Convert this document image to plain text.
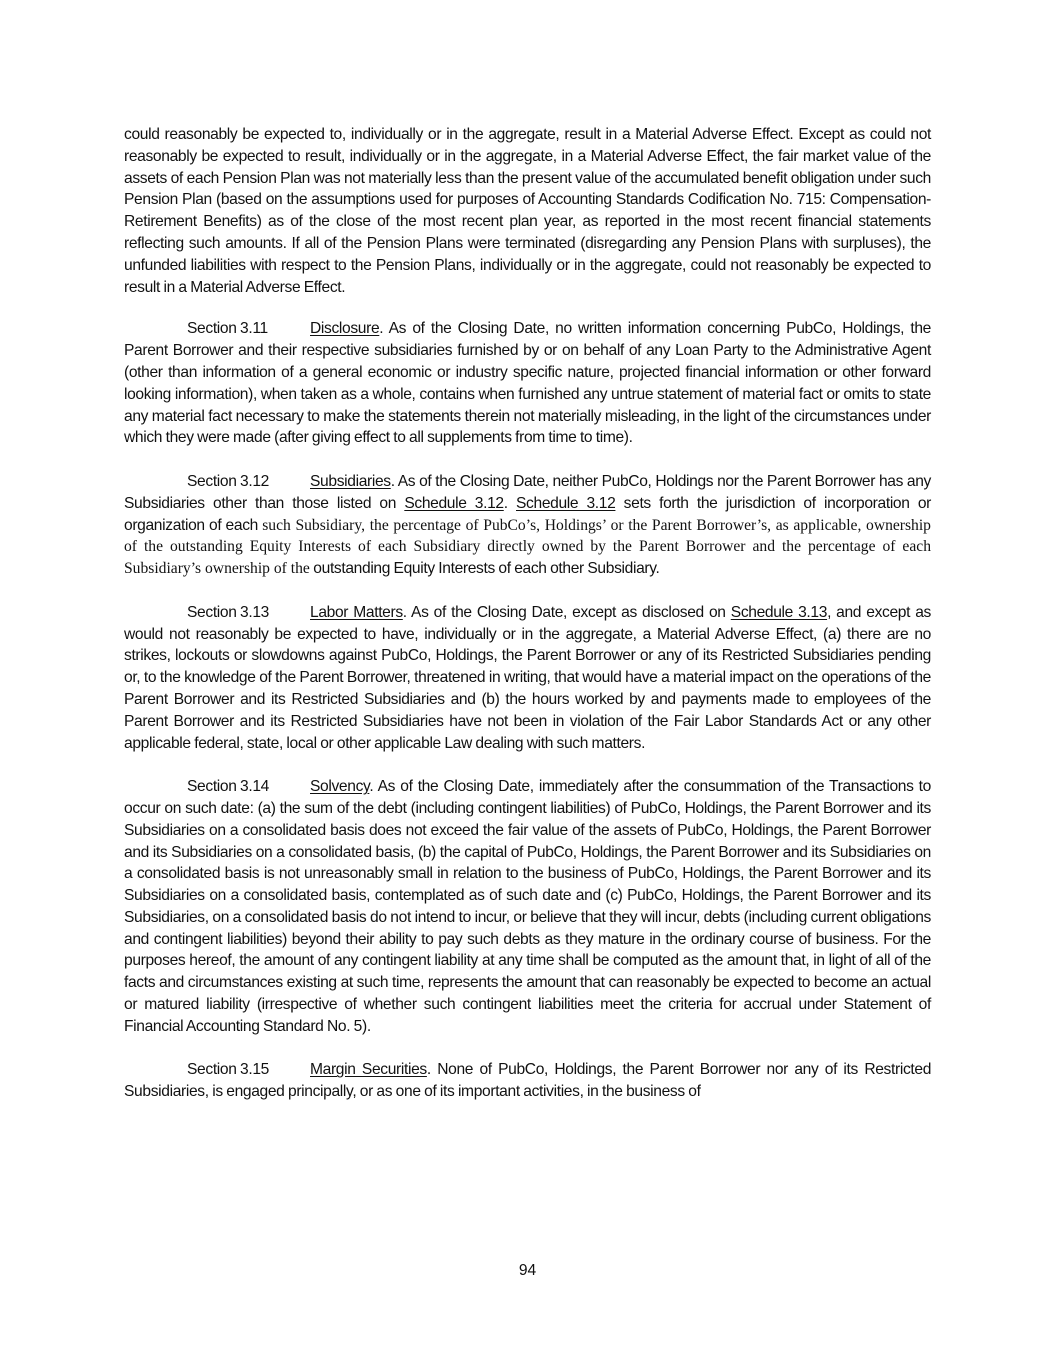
could reasonably be expected to, individually or in the aggregate, result in a Material Adverse Effect. Except as could not reasonably be expected to result, individually or in the aggregate, in a Material Adverse Effect, the fair market value of the assets of each Pension Plan was not materially less than the present value of the accumulated benefit obligation under such Pension Plan (based on the assumptions used for purposes of Accounting Standards Codification No. 715: Compensation-Retirement Benefits) as of the close of the most recent plan year, as reported in the most recent financial statements reflecting such amounts. If all of the Pension Plans were terminated (disregarding any Pension Plans with surpluses), the unfunded liabilities with respect to the Pension Plans, individually or in the aggregate, could not reasonably be expected to result in a Material Adverse Effect.

Section 3.11	Disclosure. As of the Closing Date, no written information concerning PubCo, Holdings, the Parent Borrower and their respective subsidiaries furnished by or on behalf of any Loan Party to the Administrative Agent (other than information of a general economic or industry specific nature, projected financial information or other forward looking information), when taken as a whole, contains when furnished any untrue statement of material fact or omits to state any material fact necessary to make the statements therein not materially misleading, in the light of the circumstances under which they were made (after giving effect to all supplements from time to time).

Section 3.12	Subsidiaries. As of the Closing Date, neither PubCo, Holdings nor the Parent Borrower has any Subsidiaries other than those listed on Schedule 3.12. Schedule 3.12 sets forth the jurisdiction of incorporation or organization of each such Subsidiary, the percentage of PubCo’s, Holdings’ or the Parent Borrower’s, as applicable, ownership of the outstanding Equity Interests of each Subsidiary directly owned by the Parent Borrower and the percentage of each Subsidiary’s ownership of the outstanding Equity Interests of each other Subsidiary.

Section 3.13	Labor Matters. As of the Closing Date, except as disclosed on Schedule 3.13, and except as would not reasonably be expected to have, individually or in the aggregate, a Material Adverse Effect, (a) there are no strikes, lockouts or slowdowns against PubCo, Holdings, the Parent Borrower or any of its Restricted Subsidiaries pending or, to the knowledge of the Parent Borrower, threatened in writing, that would have a material impact on the operations of the Parent Borrower and its Restricted Subsidiaries and (b) the hours worked by and payments made to employees of the Parent Borrower and its Restricted Subsidiaries have not been in violation of the Fair Labor Standards Act or any other applicable federal, state, local or other applicable Law dealing with such matters.

Section 3.14	Solvency. As of the Closing Date, immediately after the consummation of the Transactions to occur on such date: (a) the sum of the debt (including contingent liabilities) of PubCo, Holdings, the Parent Borrower and its Subsidiaries on a consolidated basis does not exceed the fair value of the assets of PubCo, Holdings, the Parent Borrower and its Subsidiaries on a consolidated basis, (b) the capital of PubCo, Holdings, the Parent Borrower and its Subsidiaries on a consolidated basis is not unreasonably small in relation to the business of PubCo, Holdings, the Parent Borrower and its Subsidiaries on a consolidated basis, contemplated as of such date and (c) PubCo, Holdings, the Parent Borrower and its Subsidiaries, on a consolidated basis do not intend to incur, or believe that they will incur, debts (including current obligations and contingent liabilities) beyond their ability to pay such debts as they mature in the ordinary course of business. For the purposes hereof, the amount of any contingent liability at any time shall be computed as the amount that, in light of all of the facts and circumstances existing at such time, represents the amount that can reasonably be expected to become an actual or matured liability (irrespective of whether such contingent liabilities meet the criteria for accrual under Statement of Financial Accounting Standard No. 5).

Section 3.15	Margin Securities. None of PubCo, Holdings, the Parent Borrower nor any of its Restricted Subsidiaries, is engaged principally, or as one of its important activities, in the business of

94
